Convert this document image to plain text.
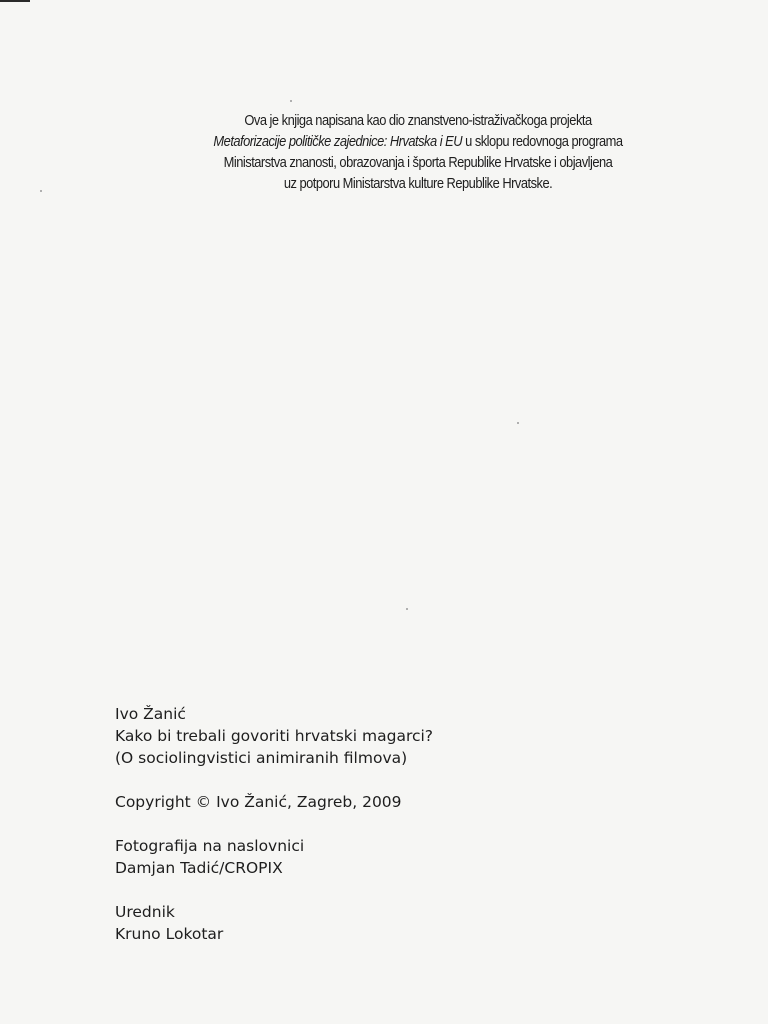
Ova je knjiga napisana kao dio znanstveno-istraživačkoga projekta
Metaforizacije političke zajednice: Hrvatska i EU u sklopu redovnoga programa
Ministarstva znanosti, obrazovanja i športa Republike Hrvatske i objavljena
uz potporu Ministarstva kulture Republike Hrvatske.
Ivo Žanić
Kako bi trebali govoriti hrvatski magarci?
(O sociolingvistici animiranih filmova)
Copyright © Ivo Žanić, Zagreb, 2009
Fotografija na naslovnici
Damjan Tadić/CROPIX
Urednik
Kruno Lokotar
